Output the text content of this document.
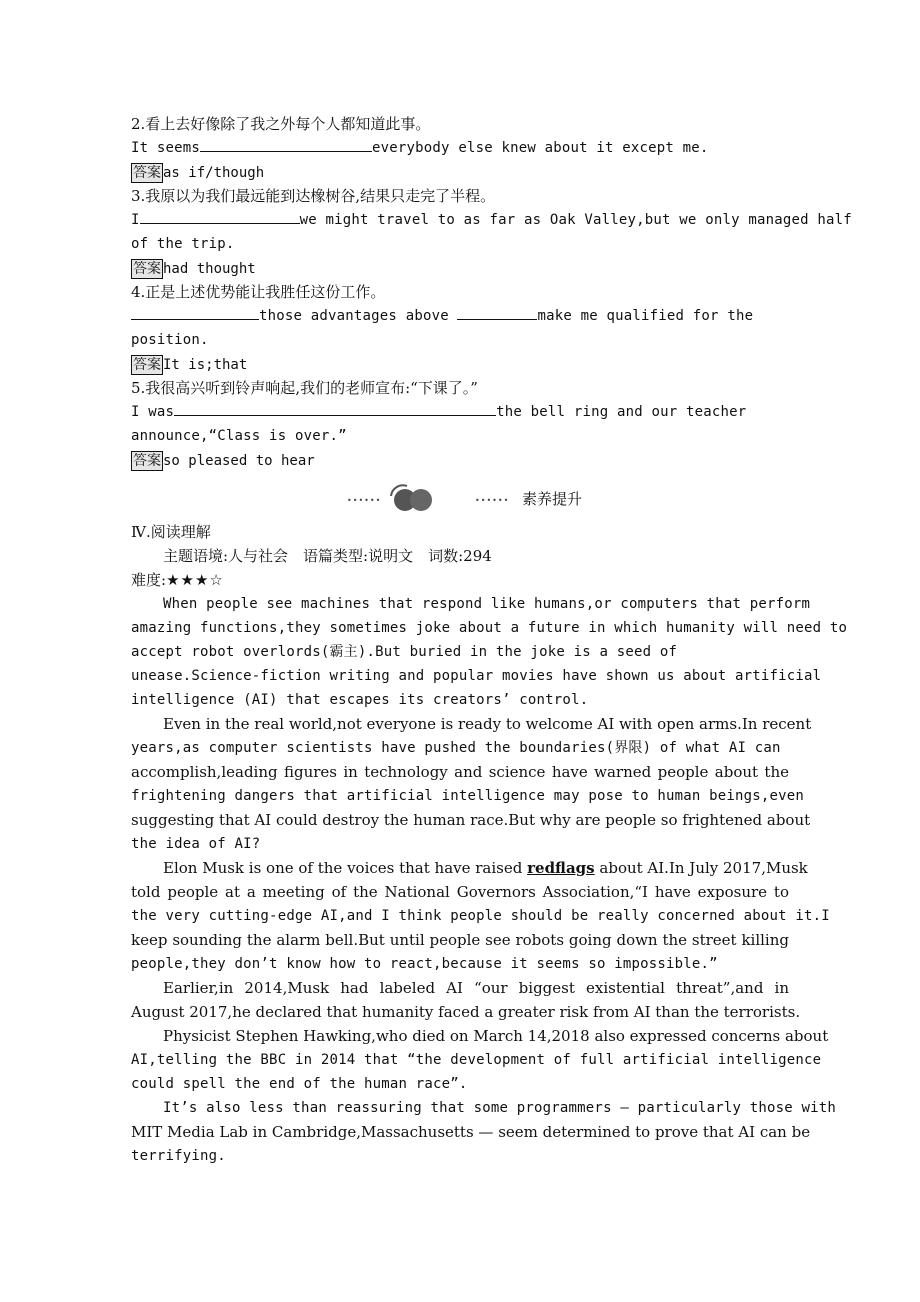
2.看上去好像除了我之外每个人都知道此事。
It seems	everybody else knew about it except me.
答案 as if/though
3.我原以为我们最远能到达橡树谷,结果只走完了半程。
I	we might travel to as far as Oak Valley,but we only managed half
of the trip.
答案 had thought
4.正是上述优势能让我胜任这份工作。
those advantages above	make me qualified for the
position.
答案 It is;that
5.我很高兴听到铃声响起,我们的老师宣布:“下课了。”
I was	the bell ring and our teacher
announce,“Class is over.”
答案 so pleased to hear
••••••	•••••• 素养提升
Ⅳ.阅读理解
主题语境:人与社会　语篇类型:说明文　词数:294
难度:★★★☆
When people see machines that respond like humans,or computers that perform
amazing functions,they sometimes joke about a future in which humanity will need to
accept robot overlords(霸主).But buried in the joke is a seed of
unease.Science-fiction writing and popular movies have shown us about artificial
intelligence (AI) that escapes its creators’ control.
Even in the real world,not everyone is ready to welcome AI with open arms.In recent
years,as computer scientists have pushed the boundaries(界限) of what AI can
accomplish,leading figures in technology and science have warned people about the
frightening dangers that artificial intelligence may pose to human beings,even
suggesting that AI could destroy the human race.But why are people so frightened about
the idea of AI?
Elon Musk is one of the voices that have raised redflags about AI.In July 2017,Musk
told people at a meeting of the National Governors Association,“I have exposure to
the very cutting-edge AI,and I think people should be really concerned about it.I
keep sounding the alarm bell.But until people see robots going down the street killing
people,they don’t know how to react,because it seems so impossible.”
Earlier,in 2014,Musk had labeled AI “our biggest existential threat”,and in
August 2017,he declared that humanity faced a greater risk from AI than the terrorists.
Physicist Stephen Hawking,who died on March 14,2018 also expressed concerns about
AI,telling the BBC in 2014 that “the development of full artificial intelligence
could spell the end of the human race”.
It’s also less than reassuring that some programmers — particularly those with
MIT Media Lab in Cambridge,Massachusetts — seem determined to prove that AI can be
terrifying.
